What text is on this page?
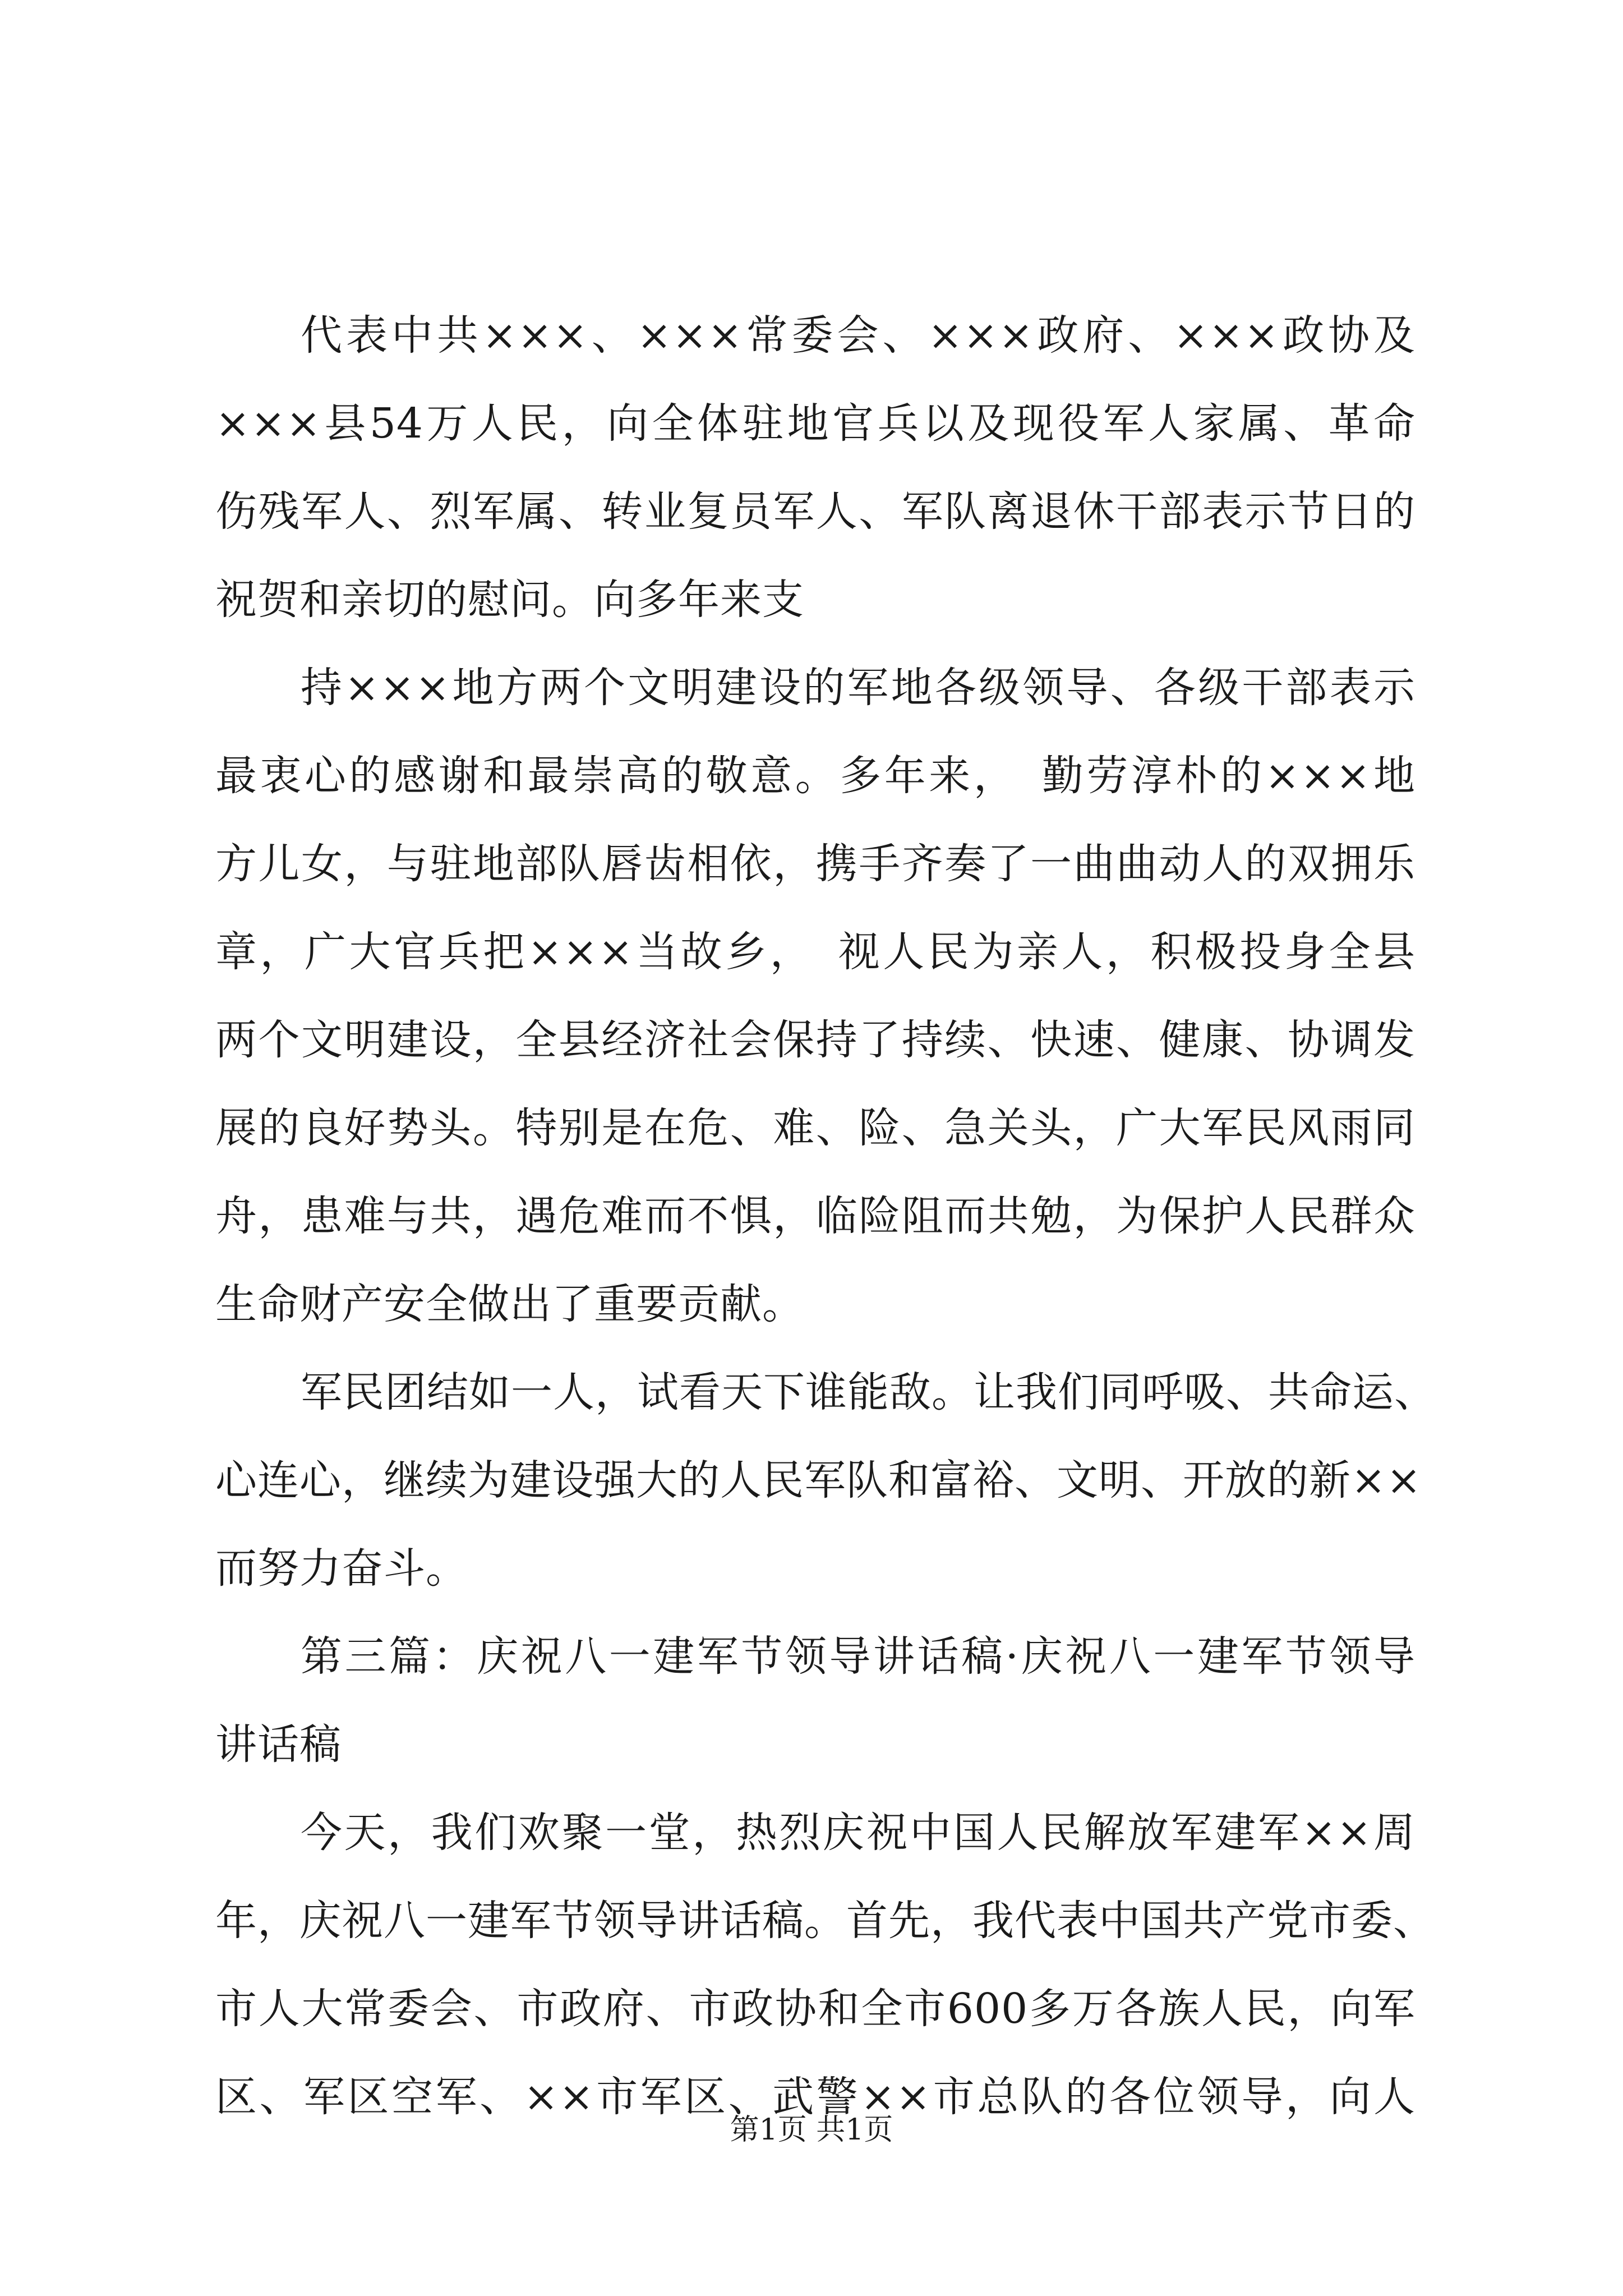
代表中共×××、×××常委会、×××政府、×××政协及
×××县54万人民，向全体驻地官兵以及现役军人家属、革命
伤残军人、烈军属、转业复员军人、军队离退休干部表示节日的
祝贺和亲切的慰问。向多年来支
持×××地方两个文明建设的军地各级领导、各级干部表示
最衷心的感谢和最崇高的敬意。多年来，　勤劳淳朴的×××地
方儿女，与驻地部队唇齿相依，携手齐奏了一曲曲动人的双拥乐
章，广大官兵把×××当故乡，　视人民为亲人，积极投身全县
两个文明建设，全县经济社会保持了持续、快速、健康、协调发
展的良好势头。特别是在危、难、险、急关头，广大军民风雨同
舟，患难与共，遇危难而不惧，临险阻而共勉，为保护人民群众
生命财产安全做出了重要贡献。
军民团结如一人，试看天下谁能敌。让我们同呼吸、共命运、
心连心，继续为建设强大的人民军队和富裕、文明、开放的新××
而努力奋斗。
第三篇：庆祝八一建军节领导讲话稿·庆祝八一建军节领导
讲话稿
今天，我们欢聚一堂，热烈庆祝中国人民解放军建军××周
年，庆祝八一建军节领导讲话稿。首先，我代表中国共产党市委、
市人大常委会、市政府、市政协和全市600多万各族人民，向军
区、军区空军、××市军区、武警××市总队的各位领导，向人
第1页 共1页
